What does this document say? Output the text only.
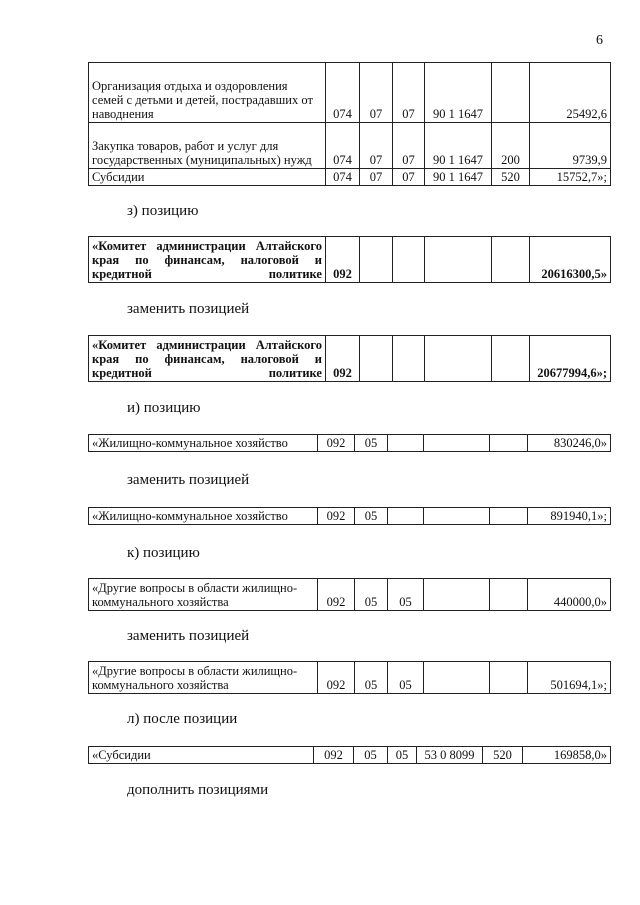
6
Организация отдыха и оздоровления семей с детьми и детей, пострадавших от наводнения	074	07	07	90 1 1647		25492,6
Закупка товаров, работ и услуг для государственных (муниципальных) нужд	074	07	07	90 1 1647	200	9739,9
Субсидии	074	07	07	90 1 1647	520	15752,7»;
з) позицию
«Комитет администрации Алтайского края по финансам, налоговой и кредитной политике	092					20616300,5»
заменить позицией
«Комитет администрации Алтайского края по финансам, налоговой и кредитной политике	092					20677994,6»;
и) позицию
«Жилищно-коммунальное хозяйство	092	05				830246,0»
заменить позицией
«Жилищно-коммунальное хозяйство	092	05				891940,1»;
к) позицию
«Другие вопросы в области жилищно-коммунального хозяйства	092	05	05			440000,0»
заменить позицией
«Другие вопросы в области жилищно-коммунального хозяйства	092	05	05			501694,1»;
л) после позиции
«Субсидии	092	05	05	53 0 8099	520	169858,0»
дополнить позициями
